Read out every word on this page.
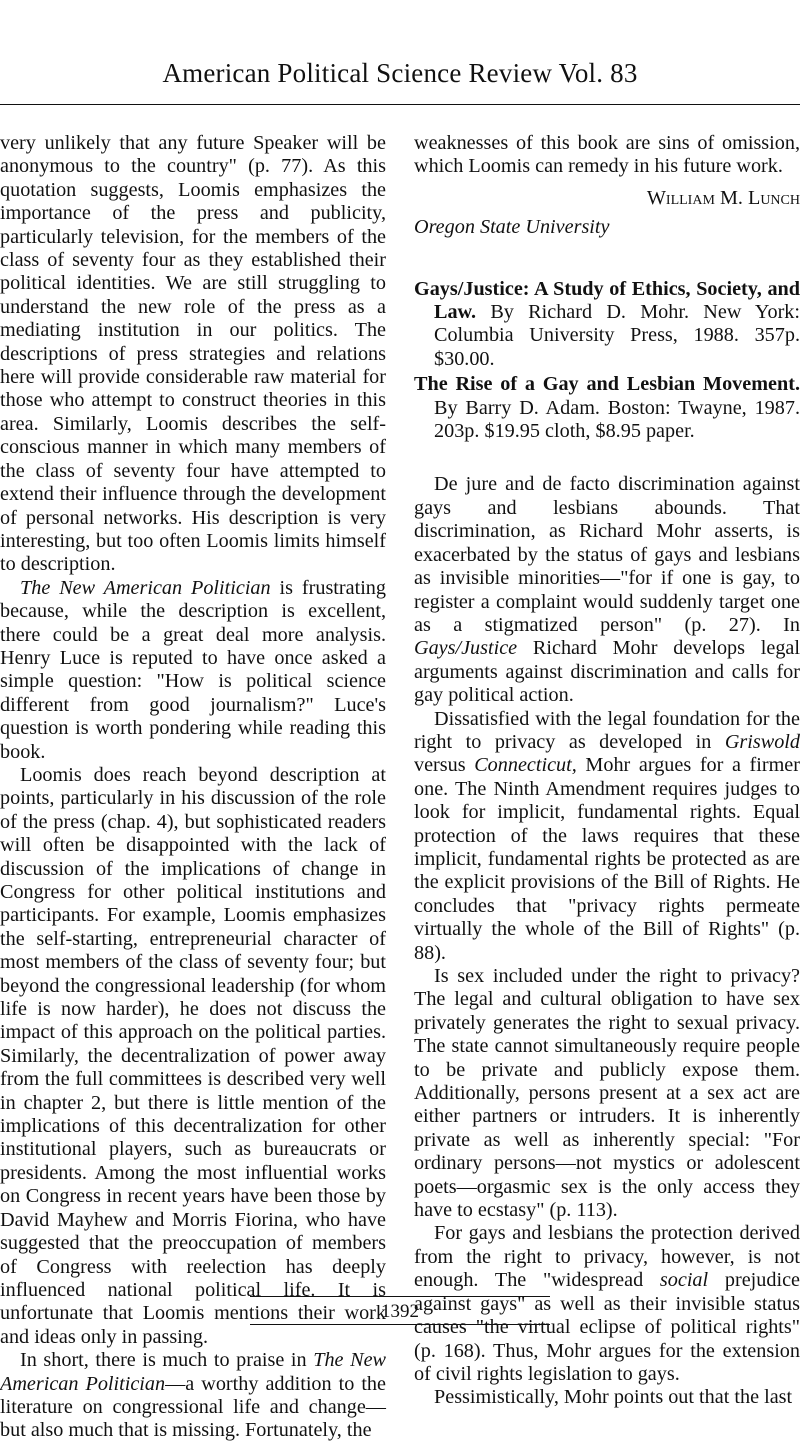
American Political Science Review Vol. 83

very unlikely that any future Speaker will be anonymous to the country" (p. 77). As this quotation suggests, Loomis emphasizes the importance of the press and publicity, particularly television, for the members of the class of seventy four as they established their political identities. We are still struggling to understand the new role of the press as a mediating institution in our politics. The descriptions of press strategies and relations here will provide considerable raw material for those who attempt to construct theories in this area. Similarly, Loomis describes the self-conscious manner in which many members of the class of seventy four have attempted to extend their influence through the development of personal networks. His description is very interesting, but too often Loomis limits himself to description.

The New American Politician is frustrating because, while the description is excellent, there could be a great deal more analysis. Henry Luce is reputed to have once asked a simple question: "How is political science different from good journalism?" Luce's question is worth pondering while reading this book.

Loomis does reach beyond description at points, particularly in his discussion of the role of the press (chap. 4), but sophisticated readers will often be disappointed with the lack of discussion of the implications of change in Congress for other political institutions and participants. For example, Loomis emphasizes the self-starting, entrepreneurial character of most members of the class of seventy four; but beyond the congressional leadership (for whom life is now harder), he does not discuss the impact of this approach on the political parties. Similarly, the decentralization of power away from the full committees is described very well in chapter 2, but there is little mention of the implications of this decentralization for other institutional players, such as bureaucrats or presidents. Among the most influential works on Congress in recent years have been those by David Mayhew and Morris Fiorina, who have suggested that the preoccupation of members of Congress with reelection has deeply influenced national political life. It is unfortunate that Loomis mentions their work and ideas only in passing.

In short, there is much to praise in The New American Politician—a worthy addition to the literature on congressional life and change—but also much that is missing. Fortunately, the

weaknesses of this book are sins of omission, which Loomis can remedy in his future work.

William M. Lunch

Oregon State University

Gays/Justice: A Study of Ethics, Society, and Law. By Richard D. Mohr. New York: Columbia University Press, 1988. 357p. $30.00.

The Rise of a Gay and Lesbian Movement. By Barry D. Adam. Boston: Twayne, 1987. 203p. $19.95 cloth, $8.95 paper.

De jure and de facto discrimination against gays and lesbians abounds. That discrimination, as Richard Mohr asserts, is exacerbated by the status of gays and lesbians as invisible minorities—"for if one is gay, to register a complaint would suddenly target one as a stigmatized person" (p. 27). In Gays/Justice Richard Mohr develops legal arguments against discrimination and calls for gay political action.

Dissatisfied with the legal foundation for the right to privacy as developed in Griswold versus Connecticut, Mohr argues for a firmer one. The Ninth Amendment requires judges to look for implicit, fundamental rights. Equal protection of the laws requires that these implicit, fundamental rights be protected as are the explicit provisions of the Bill of Rights. He concludes that "privacy rights permeate virtually the whole of the Bill of Rights" (p. 88).

Is sex included under the right to privacy? The legal and cultural obligation to have sex privately generates the right to sexual privacy. The state cannot simultaneously require people to be private and publicly expose them. Additionally, persons present at a sex act are either partners or intruders. It is inherently private as well as inherently special: "For ordinary persons—not mystics or adolescent poets—orgasmic sex is the only access they have to ecstasy" (p. 113).

For gays and lesbians the protection derived from the right to privacy, however, is not enough. The "widespread social prejudice against gays" as well as their invisible status causes "the virtual eclipse of political rights" (p. 168). Thus, Mohr argues for the extension of civil rights legislation to gays.

Pessimistically, Mohr points out that the last

1392
